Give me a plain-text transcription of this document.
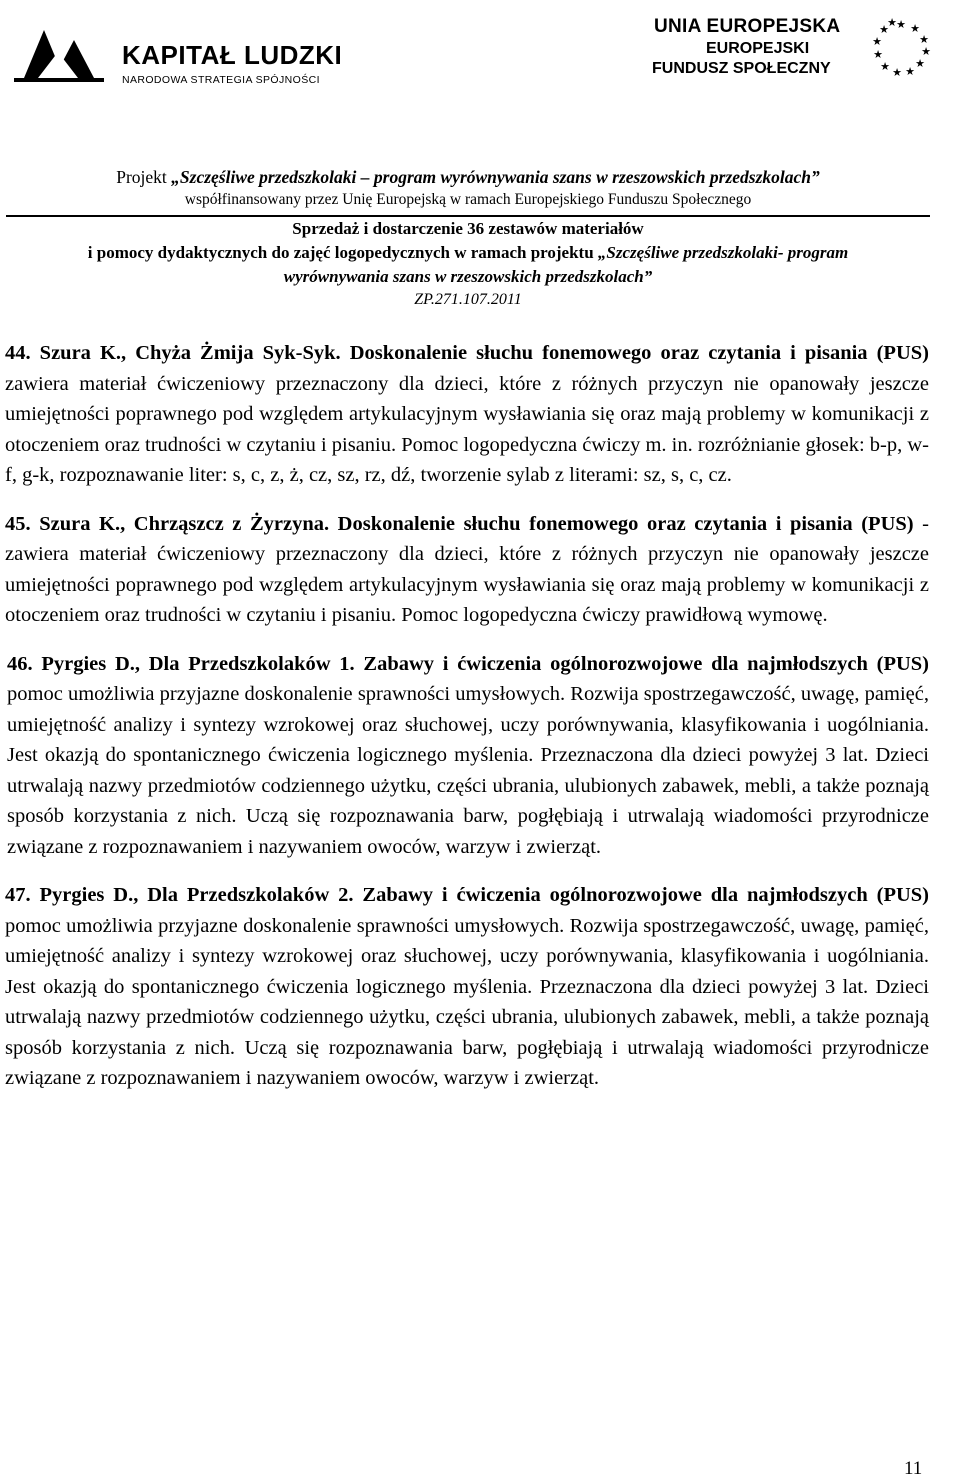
KAPITAŁ LUDZKI
NARODOWA STRATEGIA SPÓJNOŚCI
UNIA EUROPEJSKA
EUROPEJSKI
FUNDUSZ SPOŁECZNY
★ ★
★
★
★
★
★
★
★
★
★
★
Projekt „Szczęśliwe przedszkolaki – program wyrównywania szans w rzeszowskich przedszkolach”
współfinansowany przez Unię Europejską w ramach Europejskiego Funduszu Społecznego
Sprzedaż i dostarczenie 36 zestawów materiałów
i pomocy dydaktycznych do zajęć logopedycznych w ramach projektu „Szczęśliwe przedszkolaki- program
wyrównywania szans w rzeszowskich przedszkolach”
ZP.271.107.2011

44. Szura K., Chyża Żmija Syk-Syk. Doskonalenie słuchu fonemowego oraz czytania i pisania (PUS) zawiera materiał ćwiczeniowy przeznaczony dla dzieci, które z różnych przyczyn nie opanowały jeszcze umiejętności poprawnego pod względem artykulacyjnym wysławiania się oraz mają problemy w komunikacji z otoczeniem oraz trudności w czytaniu i pisaniu. Pomoc logopedyczna ćwiczy m. in. rozróżnianie głosek: b-p, w-f, g-k, rozpoznawanie liter: s, c, z, ż, cz, sz, rz, dź, tworzenie sylab z literami: sz, s, c, cz.

45. Szura K., Chrząszcz z Żyrzyna. Doskonalenie słuchu fonemowego oraz czytania i pisania (PUS) - zawiera materiał ćwiczeniowy przeznaczony dla dzieci, które z różnych przyczyn nie opanowały jeszcze umiejętności poprawnego pod względem artykulacyjnym wysławiania się oraz mają problemy w komunikacji z otoczeniem oraz trudności w czytaniu i pisaniu. Pomoc logopedyczna ćwiczy prawidłową wymowę.

46. Pyrgies D., Dla Przedszkolaków 1. Zabawy i ćwiczenia ogólnorozwojowe dla najmłodszych (PUS) pomoc umożliwia przyjazne doskonalenie sprawności umysłowych. Rozwija spostrzegawczość, uwagę, pamięć, umiejętność analizy i syntezy wzrokowej oraz słuchowej, uczy porównywania, klasyfikowania i uogólniania. Jest okazją do spontanicznego ćwiczenia logicznego myślenia. Przeznaczona dla dzieci powyżej 3 lat. Dzieci utrwalają nazwy przedmiotów codziennego użytku, części ubrania, ulubionych zabawek, mebli, a także poznają sposób korzystania z nich. Uczą się rozpoznawania barw, pogłębiają i utrwalają wiadomości przyrodnicze związane z rozpoznawaniem i nazywaniem owoców, warzyw i zwierząt.

47. Pyrgies D., Dla Przedszkolaków 2. Zabawy i ćwiczenia ogólnorozwojowe dla najmłodszych (PUS) pomoc umożliwia przyjazne doskonalenie sprawności umysłowych. Rozwija spostrzegawczość, uwagę, pamięć, umiejętność analizy i syntezy wzrokowej oraz słuchowej, uczy porównywania, klasyfikowania i uogólniania. Jest okazją do spontanicznego ćwiczenia logicznego myślenia. Przeznaczona dla dzieci powyżej 3 lat. Dzieci utrwalają nazwy przedmiotów codziennego użytku, części ubrania, ulubionych zabawek, mebli, a także poznają sposób korzystania z nich. Uczą się rozpoznawania barw, pogłębiają i utrwalają wiadomości przyrodnicze związane z rozpoznawaniem i nazywaniem owoców, warzyw i zwierząt.

11
